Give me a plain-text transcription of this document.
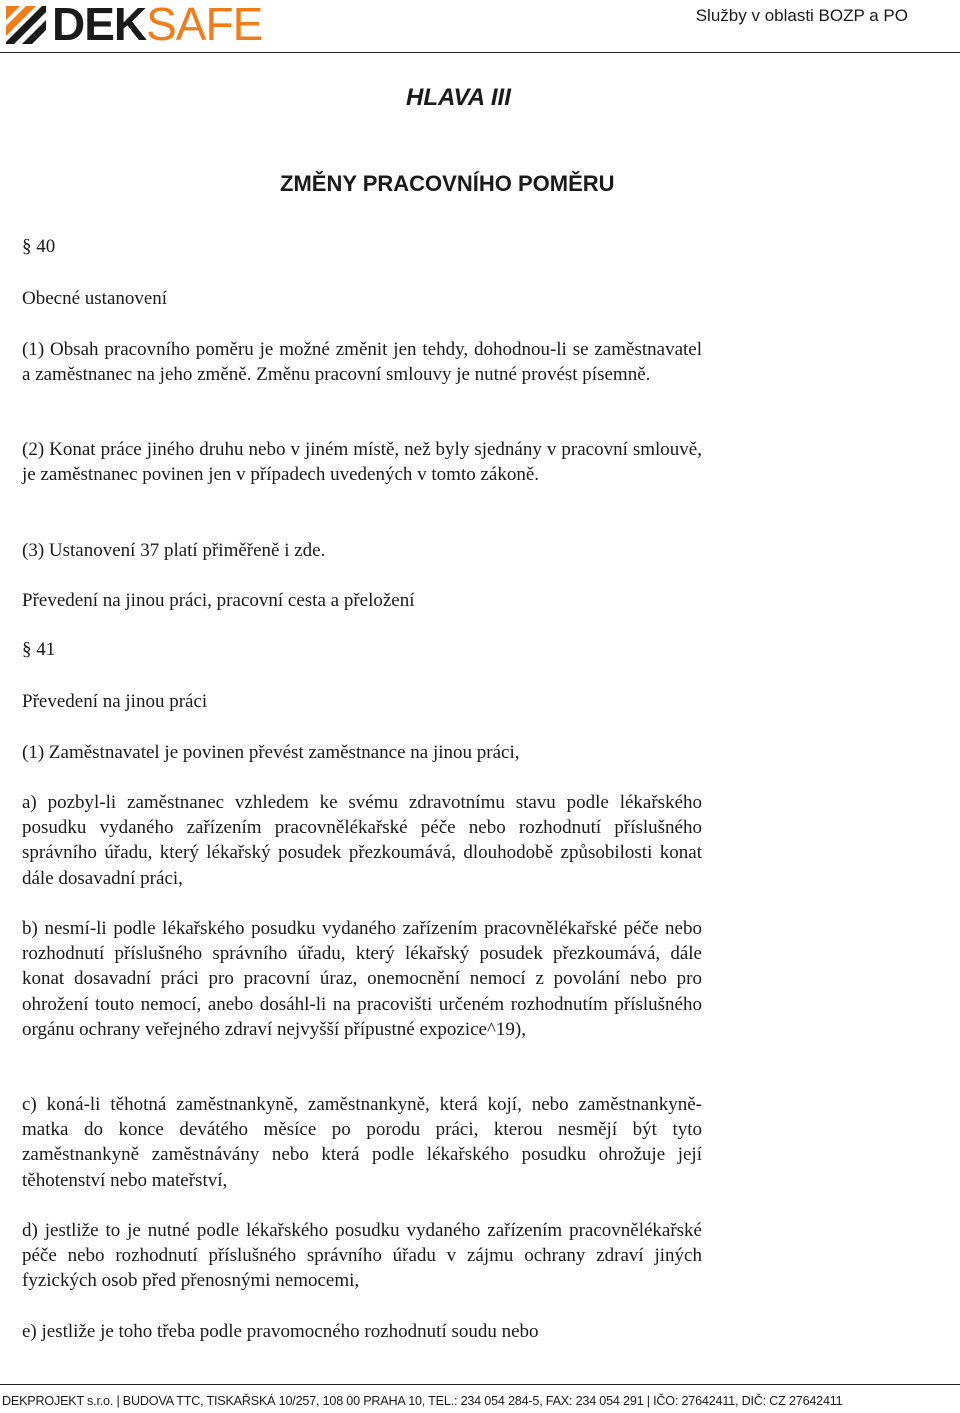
DEKSAFE	Služby v oblasti BOZP a PO
HLAVA III
ZMĚNY PRACOVNÍHO POMĚRU
§ 40

Obecné ustanovení

(1) Obsah pracovního poměru je možné změnit jen tehdy, dohodnou-li se zaměstnavatel a zaměstnanec na jeho změně. Změnu pracovní smlouvy je nutné provést písemně.

(2) Konat práce jiného druhu nebo v jiném místě, než byly sjednány v pracovní smlouvě, je zaměstnanec povinen jen v případech uvedených v tomto zákoně.

(3) Ustanovení 37 platí přiměřeně i zde.

Převedení na jinou práci, pracovní cesta a přeložení

§ 41

Převedení na jinou práci

(1) Zaměstnavatel je povinen převést zaměstnance na jinou práci,

a) pozbyl-li zaměstnanec vzhledem ke svému zdravotnímu stavu podle lékařského posudku vydaného zařízením pracovnělékařské péče nebo rozhodnutí příslušného správního úřadu, který lékařský posudek přezkoumává, dlouhodobě způsobilosti konat dále dosavadní práci,

b) nesmí-li podle lékařského posudku vydaného zařízením pracovnělékařské péče nebo rozhodnutí příslušného správního úřadu, který lékařský posudek přezkoumává, dále konat dosavadní práci pro pracovní úraz, onemocnění nemocí z povolání nebo pro ohrožení touto nemocí, anebo dosáhl-li na pracovišti určeném rozhodnutím příslušného orgánu ochrany veřejného zdraví nejvyšší přípustné expozice^19),

c) koná-li těhotná zaměstnankyně, zaměstnankyně, která kojí, nebo zaměstnankyně-matka do konce devátého měsíce po porodu práci, kterou nesmějí být tyto zaměstnankyně zaměstnávány nebo která podle lékařského posudku ohrožuje její těhotenství nebo mateřství,

d) jestliže to je nutné podle lékařského posudku vydaného zařízením pracovnělékařské péče nebo rozhodnutí příslušného správního úřadu v zájmu ochrany zdraví jiných fyzických osob před přenosnými nemocemi,

e) jestliže je toho třeba podle pravomocného rozhodnutí soudu nebo

DEKPROJEKT s.r.o. | BUDOVA TTC, TISKAŘSKÁ 10/257, 108 00 PRAHA 10, TEL.: 234 054 284-5, FAX: 234 054 291 | IČO: 27642411, DIČ: CZ 27642411
